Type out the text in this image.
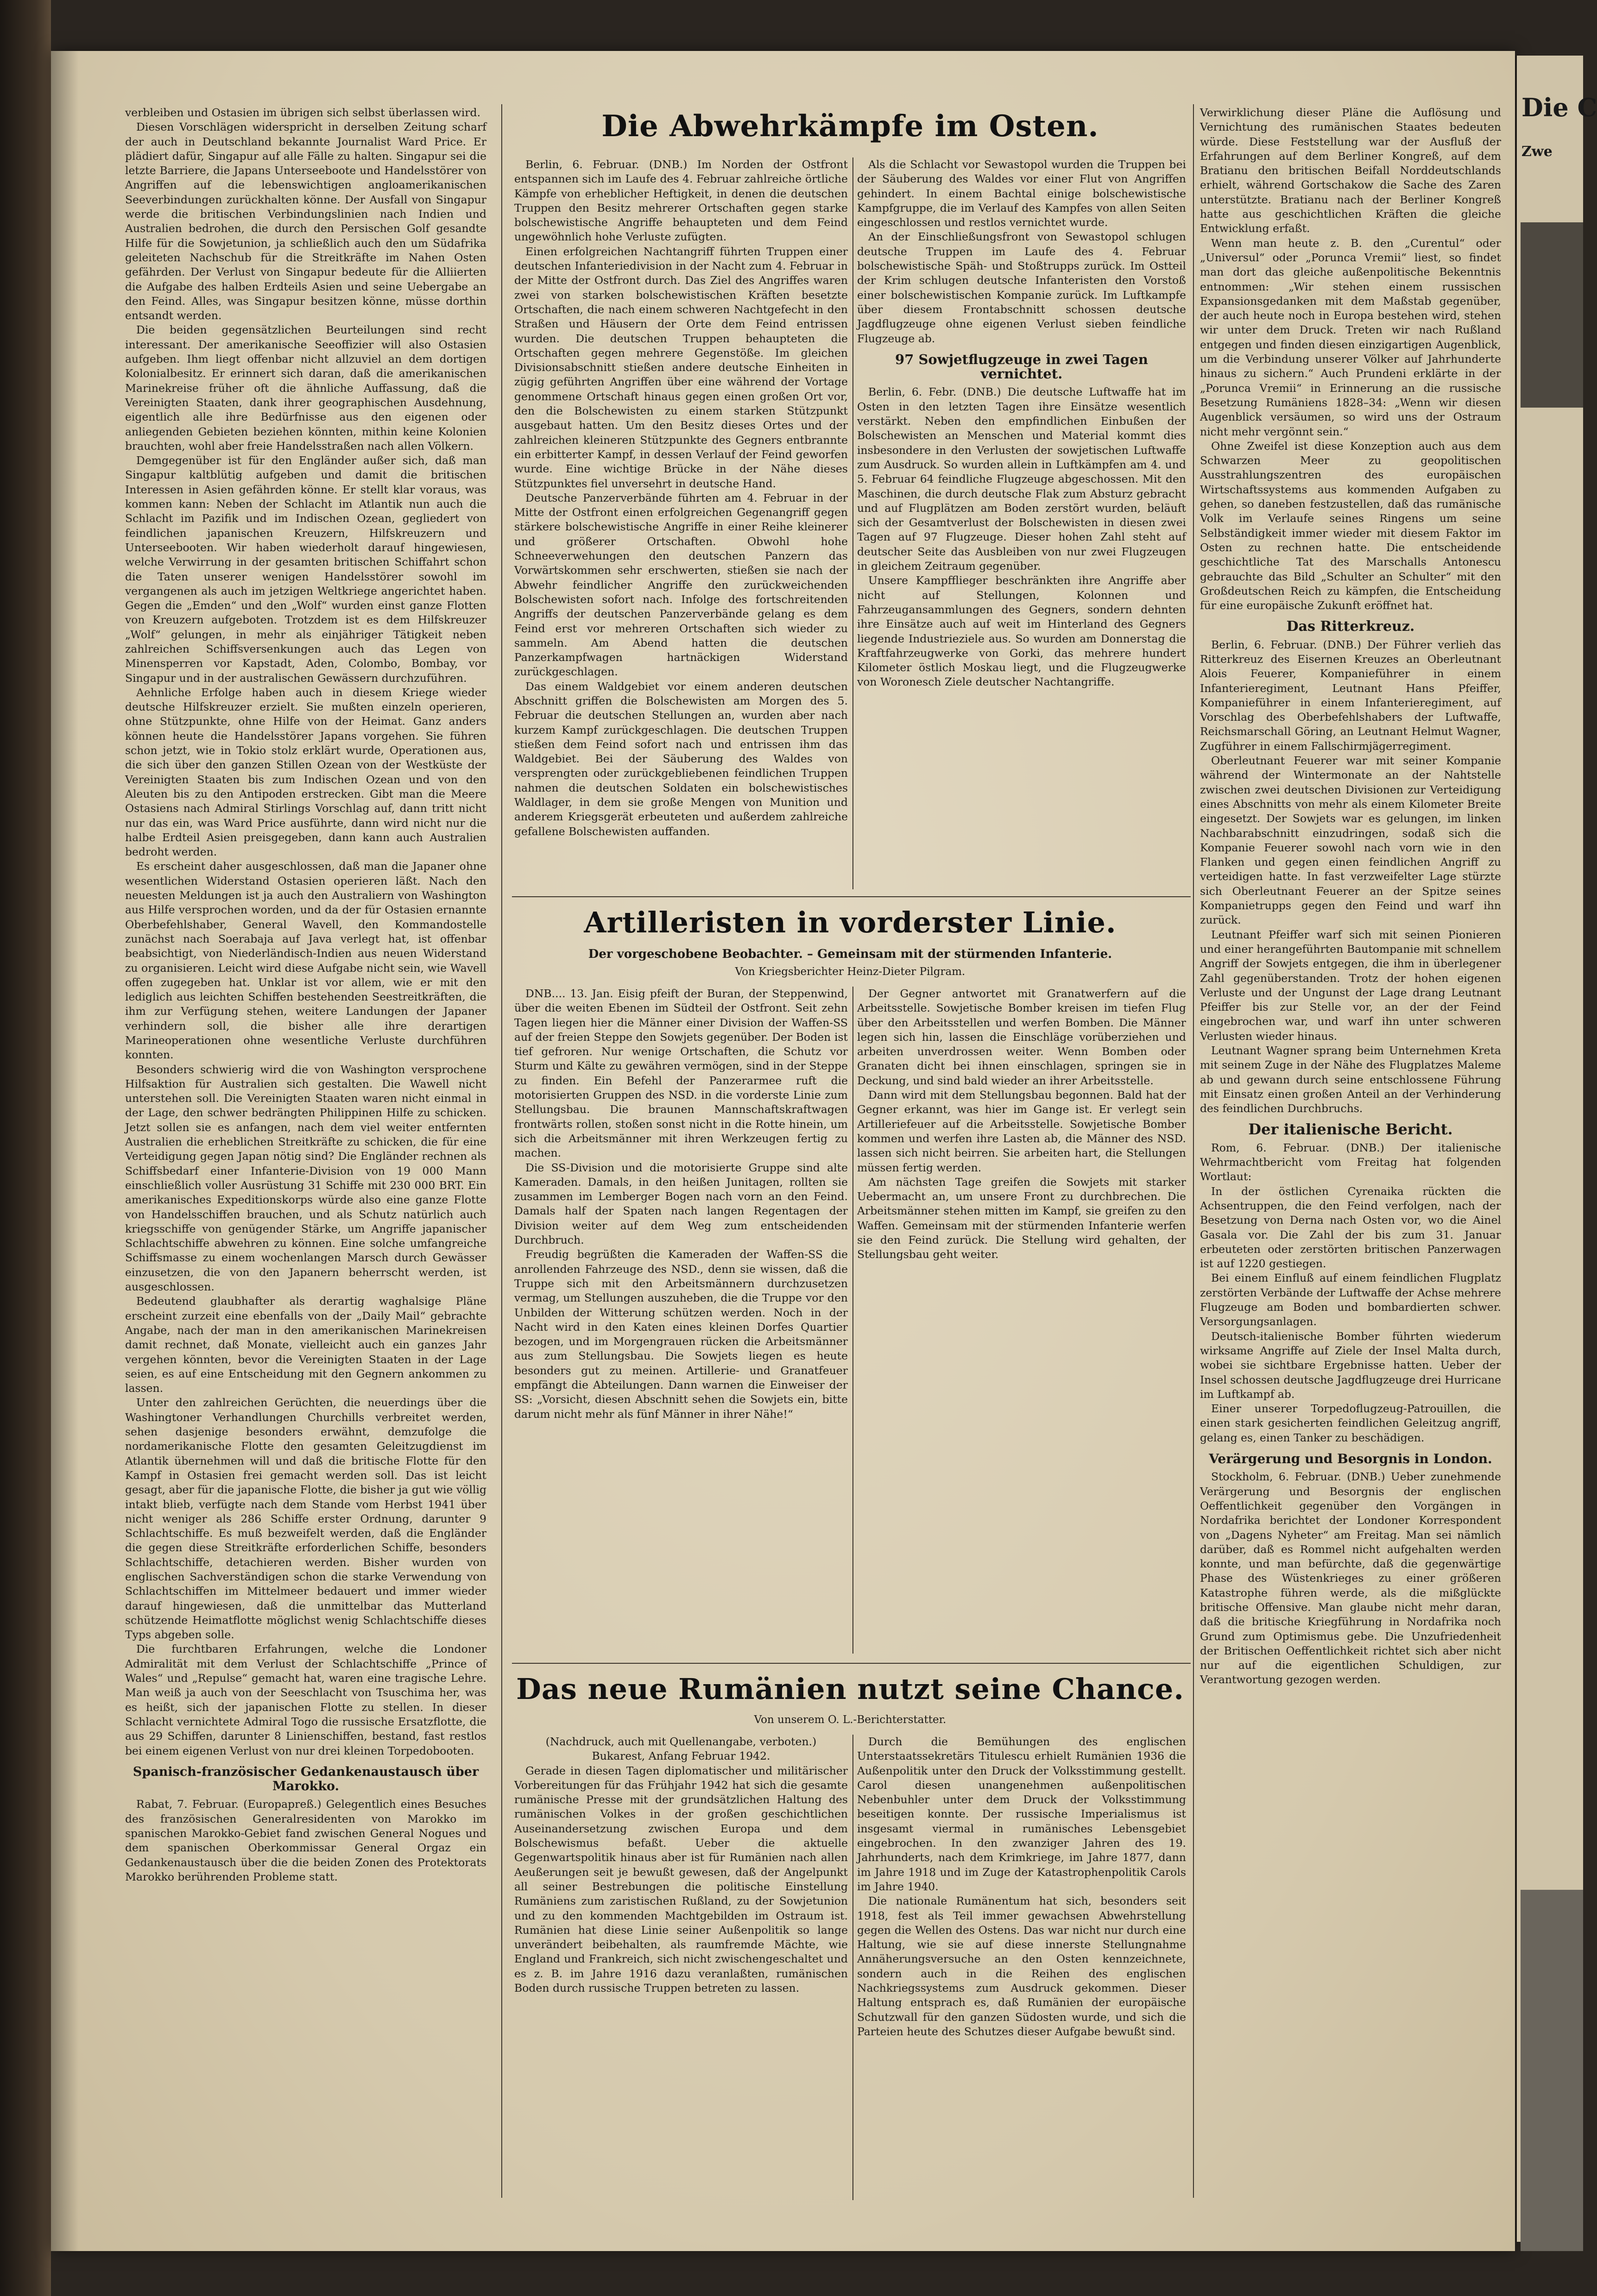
verbleiben und Ostasien im übrigen sich selbst überlassen wird.

Diesen Vorschlägen widerspricht in derselben Zeitung scharf der auch in Deutschland bekannte Journalist Ward Price. Er plädiert dafür, Singapur auf alle Fälle zu halten. Singapur sei die letzte Barriere, die Japans Unterseeboote und Handelsstörer von Angriffen auf die lebenswichtigen angloamerikanischen Seeverbindungen zurückhalten könne. Der Ausfall von Singapur werde die britischen Verbindungslinien nach Indien und Australien bedrohen, die durch den Persischen Golf gesandte Hilfe für die Sowjetunion, ja schließlich auch den um Südafrika geleiteten Nachschub für die Streitkräfte im Nahen Osten gefährden. Der Verlust von Singapur bedeute für die Alliierten die Aufgabe des halben Erdteils Asien und seine Uebergabe an den Feind. Alles, was Singapur besitzen könne, müsse dorthin entsandt werden.

Die beiden gegensätzlichen Beurteilungen sind recht interessant. Der amerikanische Seeoffizier will also Ostasien aufgeben. Ihm liegt offenbar nicht allzuviel an dem dortigen Kolonialbesitz. Er erinnert sich daran, daß die amerikanischen Marinekreise früher oft die ähnliche Auffassung, daß die Vereinigten Staaten, dank ihrer geographischen Ausdehnung, eigentlich alle ihre Bedürfnisse aus den eigenen oder anliegenden Gebieten beziehen könnten, mithin keine Kolonien brauchten, wohl aber freie Handelsstraßen nach allen Völkern.

Demgegenüber ist für den Engländer außer sich, daß man Singapur kaltblütig aufgeben und damit die britischen Interessen in Asien gefährden könne. Er stellt klar voraus, was kommen kann: Neben der Schlacht im Atlantik nun auch die Schlacht im Pazifik und im Indischen Ozean, gegliedert von feindlichen japanischen Kreuzern, Hilfskreuzern und Unterseebooten. Wir haben wiederholt darauf hingewiesen, welche Verwirrung in der gesamten britischen Schiffahrt schon die Taten unserer wenigen Handelsstörer sowohl im vergangenen als auch im jetzigen Weltkriege angerichtet haben. Gegen die „Emden“ und den „Wolf“ wurden einst ganze Flotten von Kreuzern aufgeboten. Trotzdem ist es dem Hilfskreuzer „Wolf“ gelungen, in mehr als einjähriger Tätigkeit neben zahlreichen Schiffsversenkungen auch das Legen von Minensperren vor Kapstadt, Aden, Colombo, Bombay, vor Singapur und in der australischen Gewässern durchzuführen.

Aehnliche Erfolge haben auch in diesem Kriege wieder deutsche Hilfskreuzer erzielt. Sie mußten einzeln operieren, ohne Stützpunkte, ohne Hilfe von der Heimat. Ganz anders können heute die Handelsstörer Japans vorgehen. Sie führen schon jetzt, wie in Tokio stolz erklärt wurde, Operationen aus, die sich über den ganzen Stillen Ozean von der Westküste der Vereinigten Staaten bis zum Indischen Ozean und von den Aleuten bis zu den Antipoden erstrecken. Gibt man die Meere Ostasiens nach Admiral Stirlings Vorschlag auf, dann tritt nicht nur das ein, was Ward Price ausführte, dann wird nicht nur die halbe Erdteil Asien preisgegeben, dann kann auch Australien bedroht werden.

Es erscheint daher ausgeschlossen, daß man die Japaner ohne wesentlichen Widerstand Ostasien operieren läßt. Nach den neuesten Meldungen ist ja auch den Australiern von Washington aus Hilfe versprochen worden, und da der für Ostasien ernannte Oberbefehlshaber, General Wavell, den Kommandostelle zunächst nach Soerabaja auf Java verlegt hat, ist offenbar beabsichtigt, von Niederländisch-Indien aus neuen Widerstand zu organisieren. Leicht wird diese Aufgabe nicht sein, wie Wavell offen zugegeben hat. Unklar ist vor allem, wie er mit den lediglich aus leichten Schiffen bestehenden Seestreitkräften, die ihm zur Verfügung stehen, weitere Landungen der Japaner verhindern soll, die bisher alle ihre derartigen Marineoperationen ohne wesentliche Verluste durchführen konnten.

Besonders schwierig wird die von Washington versprochene Hilfsaktion für Australien sich gestalten. Die Wawell nicht unterstehen soll. Die Vereinigten Staaten waren nicht einmal in der Lage, den schwer bedrängten Philippinen Hilfe zu schicken. Jetzt sollen sie es anfangen, nach dem viel weiter entfernten Australien die erheblichen Streitkräfte zu schicken, die für eine Verteidigung gegen Japan nötig sind? Die Engländer rechnen als Schiffsbedarf einer Infanterie-Division von 19 000 Mann einschließlich voller Ausrüstung 31 Schiffe mit 230 000 BRT. Ein amerikanisches Expeditionskorps würde also eine ganze Flotte von Handelsschiffen brauchen, und als Schutz natürlich auch kriegsschiffe von genügender Stärke, um Angriffe japanischer Schlachtschiffe abwehren zu können. Eine solche umfangreiche Schiffsmasse zu einem wochenlangen Marsch durch Gewässer einzusetzen, die von den Japanern beherrscht werden, ist ausgeschlossen.

Bedeutend glaubhafter als derartig waghalsige Pläne erscheint zurzeit eine ebenfalls von der „Daily Mail“ gebrachte Angabe, nach der man in den amerikanischen Marinekreisen damit rechnet, daß Monate, vielleicht auch ein ganzes Jahr vergehen könnten, bevor die Vereinigten Staaten in der Lage seien, es auf eine Entscheidung mit den Gegnern ankommen zu lassen.

Unter den zahlreichen Gerüchten, die neuerdings über die Washingtoner Verhandlungen Churchills verbreitet werden, sehen dasjenige besonders erwähnt, demzufolge die nordamerikanische Flotte den gesamten Geleitzugdienst im Atlantik übernehmen will und daß die britische Flotte für den Kampf in Ostasien frei gemacht werden soll. Das ist leicht gesagt, aber für die japanische Flotte, die bisher ja gut wie völlig intakt blieb, verfügte nach dem Stande vom Herbst 1941 über nicht weniger als 286 Schiffe erster Ordnung, darunter 9 Schlachtschiffe. Es muß bezweifelt werden, daß die Engländer die gegen diese Streitkräfte erforderlichen Schiffe, besonders Schlachtschiffe, detachieren werden. Bisher wurden von englischen Sachverständigen schon die starke Verwendung von Schlachtschiffen im Mittelmeer bedauert und immer wieder darauf hingewiesen, daß die unmittelbar das Mutterland schützende Heimatflotte möglichst wenig Schlachtschiffe dieses Typs abgeben solle.

Die furchtbaren Erfahrungen, welche die Londoner Admiralität mit dem Verlust der Schlachtschiffe „Prince of Wales“ und „Repulse“ gemacht hat, waren eine tragische Lehre. Man weiß ja auch von der Seeschlacht von Tsuschima her, was es heißt, sich der japanischen Flotte zu stellen. In dieser Schlacht vernichtete Admiral Togo die russische Ersatzflotte, die aus 29 Schiffen, darunter 8 Linienschiffen, bestand, fast restlos bei einem eigenen Verlust von nur drei kleinen Torpedobooten.

Spanisch-französischer Gedankenaustausch über Marokko.

Rabat, 7. Februar. (Europapreß.) Gelegentlich eines Besuches des französischen Generalresidenten von Marokko im spanischen Marokko-Gebiet fand zwischen General Nogues und dem spanischen Oberkommissar General Orgaz ein Gedankenaustausch über die die beiden Zonen des Protektorats Marokko berührenden Probleme statt.

Die Abwehrkämpfe im Osten.

Berlin, 6. Februar. (DNB.) Im Norden der Ostfront entspannen sich im Laufe des 4. Februar zahlreiche örtliche Kämpfe von erheblicher Heftigkeit, in denen die deutschen Truppen den Besitz mehrerer Ortschaften gegen starke bolschewistische Angriffe behaupteten und dem Feind ungewöhnlich hohe Verluste zufügten.

Einen erfolgreichen Nachtangriff führten Truppen einer deutschen Infanteriedivision in der Nacht zum 4. Februar in der Mitte der Ostfront durch. Das Ziel des Angriffes waren zwei von starken bolschewistischen Kräften besetzte Ortschaften, die nach einem schweren Nachtgefecht in den Straßen und Häusern der Orte dem Feind entrissen wurden. Die deutschen Truppen behaupteten die Ortschaften gegen mehrere Gegenstöße. Im gleichen Divisionsabschnitt stießen andere deutsche Einheiten in zügig geführten Angriffen über eine während der Vortage genommene Ortschaft hinaus gegen einen großen Ort vor, den die Bolschewisten zu einem starken Stützpunkt ausgebaut hatten. Um den Besitz dieses Ortes und der zahlreichen kleineren Stützpunkte des Gegners entbrannte ein erbitterter Kampf, in dessen Verlauf der Feind geworfen wurde. Eine wichtige Brücke in der Nähe dieses Stützpunktes fiel unversehrt in deutsche Hand.

Deutsche Panzerverbände führten am 4. Februar in der Mitte der Ostfront einen erfolgreichen Gegenangriff gegen stärkere bolschewistische Angriffe in einer Reihe kleinerer und größerer Ortschaften. Obwohl hohe Schneeverwehungen den deutschen Panzern das Vorwärtskommen sehr erschwerten, stießen sie nach der Abwehr feindlicher Angriffe den zurückweichenden Bolschewisten sofort nach. Infolge des fortschreitenden Angriffs der deutschen Panzerverbände gelang es dem Feind erst vor mehreren Ortschaften sich wieder zu sammeln. Am Abend hatten die deutschen Panzerkampfwagen hartnäckigen Widerstand zurückgeschlagen.

Das einem Waldgebiet vor einem anderen deutschen Abschnitt griffen die Bolschewisten am Morgen des 5. Februar die deutschen Stellungen an, wurden aber nach kurzem Kampf zurückgeschlagen. Die deutschen Truppen stießen dem Feind sofort nach und entrissen ihm das Waldgebiet. Bei der Säuberung des Waldes von versprengten oder zurückgebliebenen feindlichen Truppen nahmen die deutschen Soldaten ein bolschewistisches Waldlager, in dem sie große Mengen von Munition und anderem Kriegsgerät erbeuteten und außerdem zahlreiche gefallene Bolschewisten auffanden.

Als die Schlacht vor Sewastopol wurden die Truppen bei der Säuberung des Waldes vor einer Flut von Angriffen gehindert. In einem Bachtal einige bolschewistische Kampfgruppe, die im Verlauf des Kampfes von allen Seiten eingeschlossen und restlos vernichtet wurde.

An der Einschließungsfront von Sewastopol schlugen deutsche Truppen im Laufe des 4. Februar bolschewistische Späh- und Stoßtrupps zurück. Im Ostteil der Krim schlugen deutsche Infanteristen den Vorstoß einer bolschewistischen Kompanie zurück. Im Luftkampfe über diesem Frontabschnitt schossen deutsche Jagdflugzeuge ohne eigenen Verlust sieben feindliche Flugzeuge ab.

97 Sowjetflugzeuge in zwei Tagen vernichtet.

Berlin, 6. Febr. (DNB.) Die deutsche Luftwaffe hat im Osten in den letzten Tagen ihre Einsätze wesentlich verstärkt. Neben den empfindlichen Einbußen der Bolschewisten an Menschen und Material kommt dies insbesondere in den Verlusten der sowjetischen Luftwaffe zum Ausdruck. So wurden allein in Luftkämpfen am 4. und 5. Februar 64 feindliche Flugzeuge abgeschossen. Mit den Maschinen, die durch deutsche Flak zum Absturz gebracht und auf Flugplätzen am Boden zerstört wurden, beläuft sich der Gesamtverlust der Bolschewisten in diesen zwei Tagen auf 97 Flugzeuge. Dieser hohen Zahl steht auf deutscher Seite das Ausbleiben von nur zwei Flugzeugen in gleichem Zeitraum gegenüber.

Unsere Kampfflieger beschränkten ihre Angriffe aber nicht auf Stellungen, Kolonnen und Fahrzeugansammlungen des Gegners, sondern dehnten ihre Einsätze auch auf weit im Hinterland des Gegners liegende Industrieziele aus. So wurden am Donnerstag die Kraftfahrzeugwerke von Gorki, das mehrere hundert Kilometer östlich Moskau liegt, und die Flugzeugwerke von Woronesch Ziele deutscher Nachtangriffe.

Artilleristen in vorderster Linie.
Der vorgeschobene Beobachter. – Gemeinsam mit der stürmenden Infanterie.
Von Kriegsberichter Heinz-Dieter Pilgram.

DNB.... 13. Jan. Eisig pfeift der Buran, der Steppenwind, über die weiten Ebenen im Südteil der Ostfront. Seit zehn Tagen liegen hier die Männer einer Division der Waffen-SS auf der freien Steppe den Sowjets gegenüber. Der Boden ist tief gefroren. Nur wenige Ortschaften, die Schutz vor Sturm und Kälte zu gewähren vermögen, sind in der Steppe zu finden. Ein Befehl der Panzerarmee ruft die motorisierten Gruppen des NSD. in die vorderste Linie zum Stellungsbau. Die braunen Mannschaftskraftwagen frontwärts rollen, stoßen sonst nicht in die Rotte hinein, um sich die Arbeitsmänner mit ihren Werkzeugen fertig zu machen.

Die SS-Division und die motorisierte Gruppe sind alte Kameraden. Damals, in den heißen Junitagen, rollten sie zusammen im Lemberger Bogen nach vorn an den Feind. Damals half der Spaten nach langen Regentagen der Division weiter auf dem Weg zum entscheidenden Durchbruch.

Freudig begrüßten die Kameraden der Waffen-SS die anrollenden Fahrzeuge des NSD., denn sie wissen, daß die Truppe sich mit den Arbeitsmännern durchzusetzen vermag, um Stellungen auszuheben, die die Truppe vor den Unbilden der Witterung schützen werden. Noch in der Nacht wird in den Katen eines kleinen Dorfes Quartier bezogen, und im Morgengrauen rücken die Arbeitsmänner aus zum Stellungsbau. Die Sowjets liegen es heute besonders gut zu meinen. Artillerie- und Granatfeuer empfängt die Abteilungen. Dann warnen die Einweiser der SS: „Vorsicht, diesen Abschnitt sehen die Sowjets ein, bitte darum nicht mehr als fünf Männer in ihrer Nähe!“

Der Gegner antwortet mit Granatwerfern auf die Arbeitsstelle. Sowjetische Bomber kreisen im tiefen Flug über den Arbeitsstellen und werfen Bomben. Die Männer legen sich hin, lassen die Einschläge vorüberziehen und arbeiten unverdrossen weiter. Wenn Bomben oder Granaten dicht bei ihnen einschlagen, springen sie in Deckung, und sind bald wieder an ihrer Arbeitsstelle.

Dann wird mit dem Stellungsbau begonnen. Bald hat der Gegner erkannt, was hier im Gange ist. Er verlegt sein Artilleriefeuer auf die Arbeitsstelle. Sowjetische Bomber kommen und werfen ihre Lasten ab, die Männer des NSD. lassen sich nicht beirren. Sie arbeiten hart, die Stellungen müssen fertig werden.

Am nächsten Tage greifen die Sowjets mit starker Uebermacht an, um unsere Front zu durchbrechen. Die Arbeitsmänner stehen mitten im Kampf, sie greifen zu den Waffen. Gemeinsam mit der stürmenden Infanterie werfen sie den Feind zurück. Die Stellung wird gehalten, der Stellungsbau geht weiter.

Das neue Rumänien nutzt seine Chance.
Von unserem O. L.-Berichterstatter.

(Nachdruck, auch mit Quellenangabe, verboten.)

Bukarest, Anfang Februar 1942.

Gerade in diesen Tagen diplomatischer und militärischer Vorbereitungen für das Frühjahr 1942 hat sich die gesamte rumänische Presse mit der grundsätzlichen Haltung des rumänischen Volkes in der großen geschichtlichen Auseinandersetzung zwischen Europa und dem Bolschewismus befaßt. Ueber die aktuelle Gegenwartspolitik hinaus aber ist für Rumänien nach allen Aeußerungen seit je bewußt gewesen, daß der Angelpunkt all seiner Bestrebungen die politische Einstellung Rumäniens zum zaristischen Rußland, zu der Sowjetunion und zu den kommenden Machtgebilden im Ostraum ist. Rumänien hat diese Linie seiner Außenpolitik so lange unverändert beibehalten, als raumfremde Mächte, wie England und Frankreich, sich nicht zwischengeschaltet und es z. B. im Jahre 1916 dazu veranlaßten, rumänischen Boden durch russische Truppen betreten zu lassen.

Durch die Bemühungen des englischen Unterstaatssekretärs Titulescu erhielt Rumänien 1936 die Außenpolitik unter den Druck der Volksstimmung gestellt. Carol diesen unangenehmen außenpolitischen Nebenbuhler unter dem Druck der Volksstimmung beseitigen konnte. Der russische Imperialismus ist insgesamt viermal in rumänisches Lebensgebiet eingebrochen. In den zwanziger Jahren des 19. Jahrhunderts, nach dem Krimkriege, im Jahre 1877, dann im Jahre 1918 und im Zuge der Katastrophenpolitik Carols im Jahre 1940.

Die nationale Rumänentum hat sich, besonders seit 1918, fest als Teil immer gewachsen Abwehrstellung gegen die Wellen des Ostens. Das war nicht nur durch eine Haltung, wie sie auf diese innerste Stellungnahme Annäherungsversuche an den Osten kennzeichnete, sondern auch in die Reihen des englischen Nachkriegssystems zum Ausdruck gekommen. Dieser Haltung entsprach es, daß Rumänien der europäische Schutzwall für den ganzen Südosten wurde, und sich die Parteien heute des Schutzes dieser Aufgabe bewußt sind.

Verwirklichung dieser Pläne die Auflösung und Vernichtung des rumänischen Staates bedeuten würde. Diese Feststellung war der Ausfluß der Erfahrungen auf dem Berliner Kongreß, auf dem Bratianu den britischen Beifall Norddeutschlands erhielt, während Gortschakow die Sache des Zaren unterstützte. Bratianu nach der Berliner Kongreß hatte aus geschichtlichen Kräften die gleiche Entwicklung erfaßt.

Wenn man heute z. B. den „Curentul“ oder „Universul“ oder „Porunca Vremii“ liest, so findet man dort das gleiche außenpolitische Bekenntnis entnommen: „Wir stehen einem russischen Expansionsgedanken mit dem Maßstab gegenüber, der auch heute noch in Europa bestehen wird, stehen wir unter dem Druck. Treten wir nach Rußland entgegen und finden diesen einzigartigen Augenblick, um die Verbindung unserer Völker auf Jahrhunderte hinaus zu sichern.“ Auch Prundeni erklärte in der „Porunca Vremii“ in Erinnerung an die russische Besetzung Rumäniens 1828–34: „Wenn wir diesen Augenblick versäumen, so wird uns der Ostraum nicht mehr vergönnt sein.“

Ohne Zweifel ist diese Konzeption auch aus dem Schwarzen Meer zu geopolitischen Ausstrahlungszentren des europäischen Wirtschaftssystems aus kommenden Aufgaben zu gehen, so daneben festzustellen, daß das rumänische Volk im Verlaufe seines Ringens um seine Selbständigkeit immer wieder mit diesem Faktor im Osten zu rechnen hatte. Die entscheidende geschichtliche Tat des Marschalls Antonescu gebrauchte das Bild „Schulter an Schulter“ mit den Großdeutschen Reich zu kämpfen, die Entscheidung für eine europäische Zukunft eröffnet hat.

Das Ritterkreuz.

Berlin, 6. Februar. (DNB.) Der Führer verlieh das Ritterkreuz des Eisernen Kreuzes an Oberleutnant Alois Feuerer, Kompanieführer in einem Infanterieregiment, Leutnant Hans Pfeiffer, Kompanieführer in einem Infanterieregiment, auf Vorschlag des Oberbefehlshabers der Luftwaffe, Reichsmarschall Göring, an Leutnant Helmut Wagner, Zugführer in einem Fallschirmjägerregiment.

Oberleutnant Feuerer war mit seiner Kompanie während der Wintermonate an der Nahtstelle zwischen zwei deutschen Divisionen zur Verteidigung eines Abschnitts von mehr als einem Kilometer Breite eingesetzt. Der Sowjets war es gelungen, im linken Nachbarabschnitt einzudringen, sodaß sich die Kompanie Feuerer sowohl nach vorn wie in den Flanken und gegen einen feindlichen Angriff zu verteidigen hatte. In fast verzweifelter Lage stürzte sich Oberleutnant Feuerer an der Spitze seines Kompanietrupps gegen den Feind und warf ihn zurück.

Leutnant Pfeiffer warf sich mit seinen Pionieren und einer herangeführten Bautompanie mit schnellem Angriff der Sowjets entgegen, die ihm in überlegener Zahl gegenüberstanden. Trotz der hohen eigenen Verluste und der Ungunst der Lage drang Leutnant Pfeiffer bis zur Stelle vor, an der der Feind eingebrochen war, und warf ihn unter schweren Verlusten wieder hinaus.

Leutnant Wagner sprang beim Unternehmen Kreta mit seinem Zuge in der Nähe des Flugplatzes Maleme ab und gewann durch seine entschlossene Führung mit Einsatz einen großen Anteil an der Verhinderung des feindlichen Durchbruchs.

Der italienische Bericht.

Rom, 6. Februar. (DNB.) Der italienische Wehrmachtbericht vom Freitag hat folgenden Wortlaut:

In der östlichen Cyrenaika rückten die Achsentruppen, die den Feind verfolgen, nach der Besetzung von Derna nach Osten vor, wo die Ainel Gasala vor. Die Zahl der bis zum 31. Januar erbeuteten oder zerstörten britischen Panzerwagen ist auf 1220 gestiegen.

Bei einem Einfluß auf einem feindlichen Flugplatz zerstörten Verbände der Luftwaffe der Achse mehrere Flugzeuge am Boden und bombardierten schwer. Versorgungsanlagen.

Deutsch-italienische Bomber führten wiederum wirksame Angriffe auf Ziele der Insel Malta durch, wobei sie sichtbare Ergebnisse hatten. Ueber der Insel schossen deutsche Jagdflugzeuge drei Hurricane im Luftkampf ab.

Einer unserer Torpedoflugzeug-Patrouillen, die einen stark gesicherten feindlichen Geleitzug angriff, gelang es, einen Tanker zu beschädigen.

Verärgerung und Besorgnis in London.

Stockholm, 6. Februar. (DNB.) Ueber zunehmende Verärgerung und Besorgnis der englischen Oeffentlichkeit gegenüber den Vorgängen in Nordafrika berichtet der Londoner Korrespondent von „Dagens Nyheter“ am Freitag. Man sei nämlich darüber, daß es Rommel nicht aufgehalten werden konnte, und man befürchte, daß die gegenwärtige Phase des Wüstenkrieges zu einer größeren Katastrophe führen werde, als die mißglückte britische Offensive. Man glaube nicht mehr daran, daß die britische Kriegführung in Nordafrika noch Grund zum Optimismus gebe. Die Unzufriedenheit der Britischen Oeffentlichkeit richtet sich aber nicht nur auf die eigentlichen Schuldigen, zur Verantwortung gezogen werden.

Die C
Zwe
